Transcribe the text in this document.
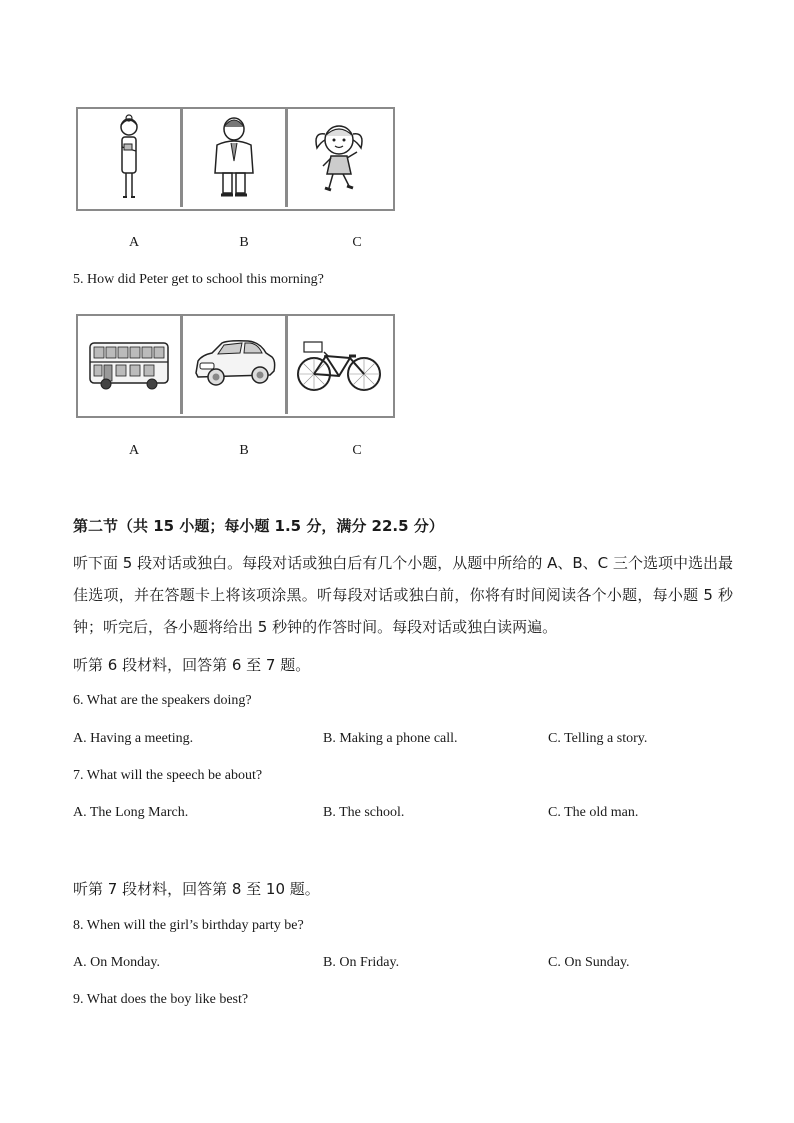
A	B	C
5. How did Peter get to school this morning?
A	B	C
第二节（共 15 小题；每小题 1.5 分，满分 22.5 分）
听下面 5 段对话或独白。每段对话或独白后有几个小题，从题中所给的 A、B、C 三个选项中选出最佳选项，并在答题卡上将该项涂黑。听每段对话或独白前，你将有时间阅读各个小题，每小题 5 秒钟；听完后，各小题将给出 5 秒钟的作答时间。每段对话或独白读两遍。
听第 6 段材料，回答第 6 至 7 题。
6. What are the speakers doing?
A. Having a meeting.	B. Making a phone call.	C. Telling a story.
7. What will the speech be about?
A. The Long March.	B. The school.	C. The old man.
听第 7 段材料，回答第 8 至 10 题。
8. When will the girl’s birthday party be?
A. On Monday.	B. On Friday.	C. On Sunday.
9. What does the boy like best?
